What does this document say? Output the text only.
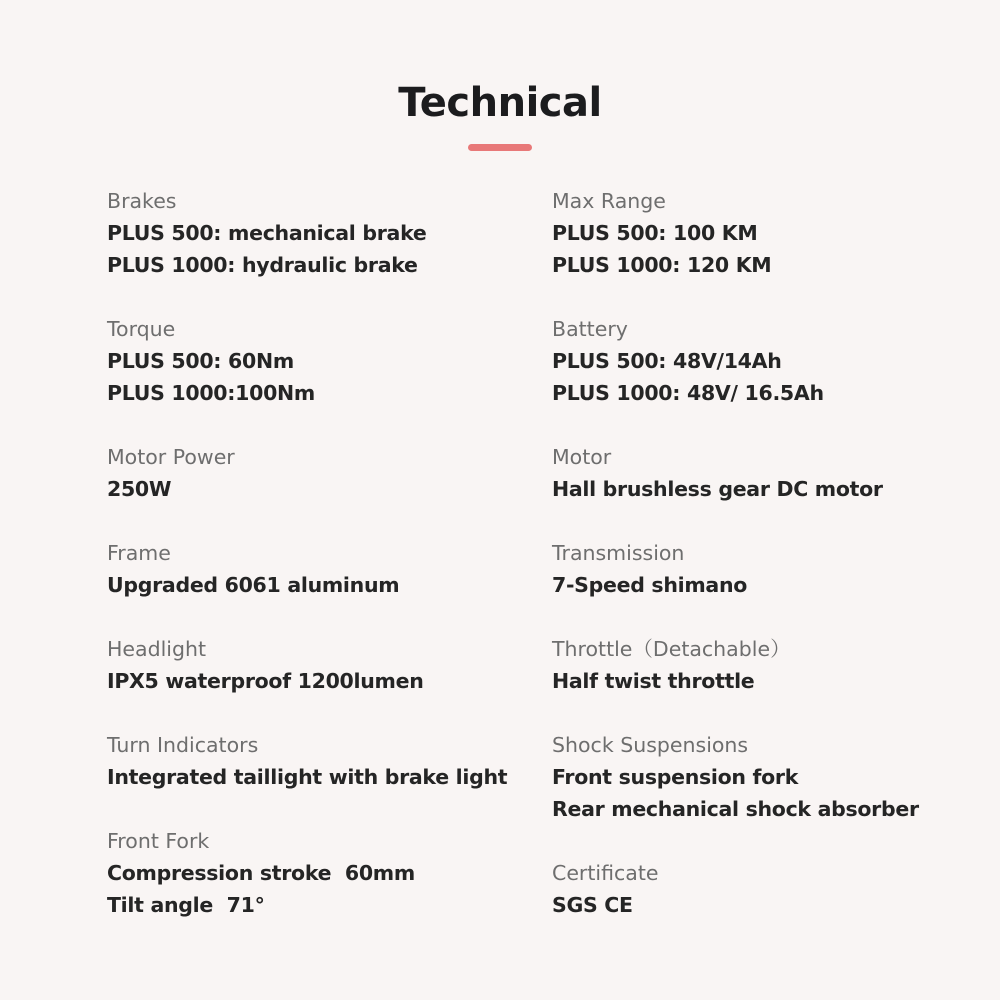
Technical
Brakes
PLUS 500: mechanical brake
PLUS 1000: hydraulic brake
Torque
PLUS 500: 60Nm
PLUS 1000:100Nm
Motor Power
250W
Frame
Upgraded 6061 aluminum
Headlight
IPX5 waterproof 1200lumen
Turn Indicators
Integrated taillight with brake light
Front Fork
Compression stroke  60mm
Tilt angle  71°
Max Range
PLUS 500: 100 KM
PLUS 1000: 120 KM
Battery
PLUS 500: 48V/14Ah
PLUS 1000: 48V/ 16.5Ah
Motor
Hall brushless gear DC motor
Transmission
7-Speed shimano
Throttle（Detachable）
Half twist throttle
Shock Suspensions
Front suspension fork
Rear mechanical shock absorber
Certificate
SGS CE
